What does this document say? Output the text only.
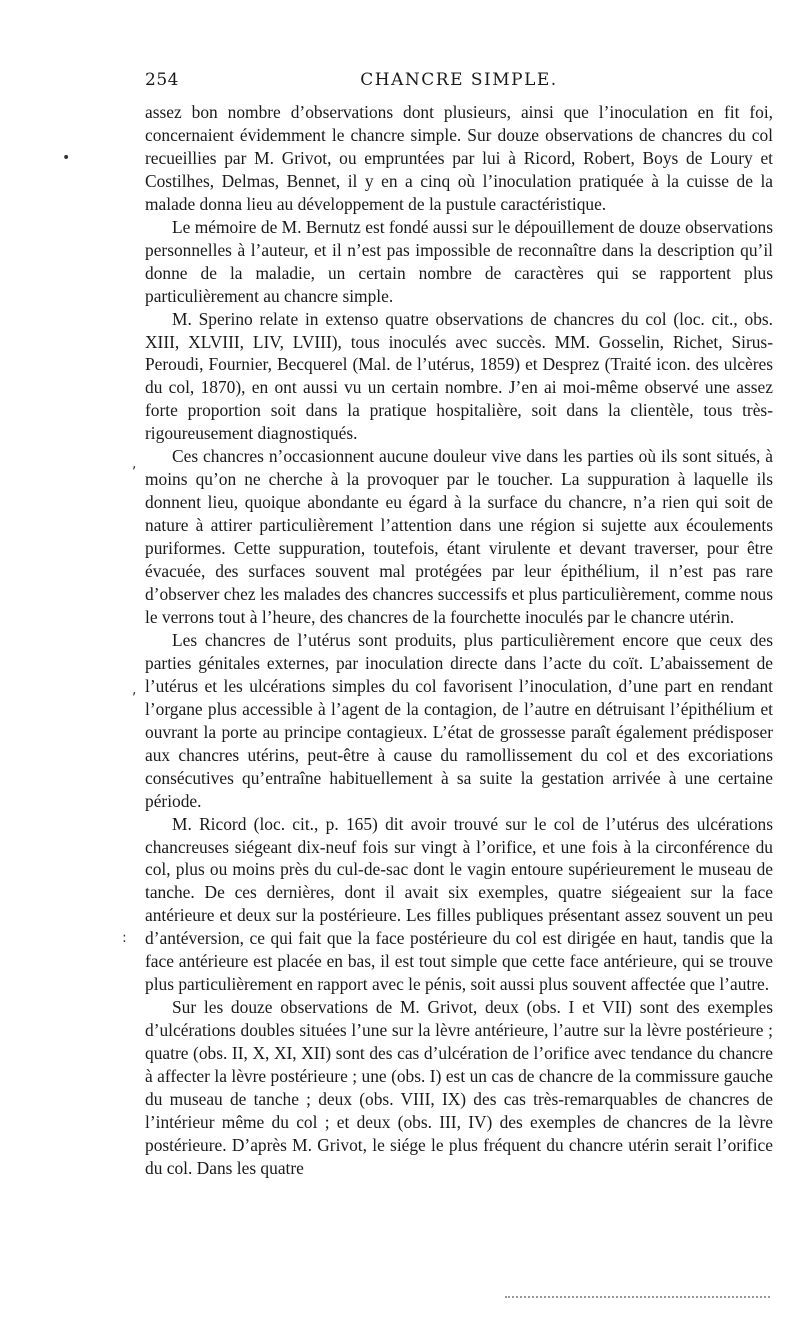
254	CHANCRE SIMPLE.
•
,
,
:

assez bon nombre d’observations dont plusieurs, ainsi que l’inoculation en fit foi, concernaient évidemment le chancre simple. Sur douze observations de chancres du col recueillies par M. Grivot, ou empruntées par lui à Ricord, Robert, Boys de Loury et Costilhes, Delmas, Bennet, il y en a cinq où l’inoculation pratiquée à la cuisse de la malade donna lieu au développement de la pustule caractéristique.

Le mémoire de M. Bernutz est fondé aussi sur le dépouillement de douze observations personnelles à l’auteur, et il n’est pas impossible de reconnaître dans la description qu’il donne de la maladie, un certain nombre de caractères qui se rapportent plus particulièrement au chancre simple.

M. Sperino relate in extenso quatre observations de chancres du col (loc. cit., obs. XIII, XLVIII, LIV, LVIII), tous inoculés avec succès. MM. Gosselin, Richet, Sirus-Peroudi, Fournier, Becquerel (Mal. de l’utérus, 1859) et Desprez (Traité icon. des ulcères du col, 1870), en ont aussi vu un certain nombre. J’en ai moi-même observé une assez forte proportion soit dans la pratique hospitalière, soit dans la clientèle, tous très-rigoureusement diagnostiqués.

Ces chancres n’occasionnent aucune douleur vive dans les parties où ils sont situés, à moins qu’on ne cherche à la provoquer par le toucher. La suppuration à laquelle ils donnent lieu, quoique abondante eu égard à la surface du chancre, n’a rien qui soit de nature à attirer particulièrement l’attention dans une région si sujette aux écoulements puriformes. Cette suppuration, toutefois, étant virulente et devant traverser, pour être évacuée, des surfaces souvent mal protégées par leur épithélium, il n’est pas rare d’observer chez les malades des chancres successifs et plus particulièrement, comme nous le verrons tout à l’heure, des chancres de la fourchette inoculés par le chancre utérin.

Les chancres de l’utérus sont produits, plus particulièrement encore que ceux des parties génitales externes, par inoculation directe dans l’acte du coït. L’abaissement de l’utérus et les ulcérations simples du col favorisent l’inoculation, d’une part en rendant l’organe plus accessible à l’agent de la contagion, de l’autre en détruisant l’épithélium et ouvrant la porte au principe contagieux. L’état de grossesse paraît également prédisposer aux chancres utérins, peut-être à cause du ramollissement du col et des excoriations consécutives qu’entraîne habituellement à sa suite la gestation arrivée à une certaine période.

M. Ricord (loc. cit., p. 165) dit avoir trouvé sur le col de l’utérus des ulcérations chancreuses siégeant dix-neuf fois sur vingt à l’orifice, et une fois à la circonférence du col, plus ou moins près du cul-de-sac dont le vagin entoure supérieurement le museau de tanche. De ces dernières, dont il avait six exemples, quatre siégeaient sur la face antérieure et deux sur la postérieure. Les filles publiques présentant assez souvent un peu d’antéversion, ce qui fait que la face postérieure du col est dirigée en haut, tandis que la face antérieure est placée en bas, il est tout simple que cette face antérieure, qui se trouve plus particulièrement en rapport avec le pénis, soit aussi plus souvent affectée que l’autre.

Sur les douze observations de M. Grivot, deux (obs. I et VII) sont des exemples d’ulcérations doubles situées l’une sur la lèvre antérieure, l’autre sur la lèvre postérieure ; quatre (obs. II, X, XI, XII) sont des cas d’ulcération de l’orifice avec tendance du chancre à affecter la lèvre postérieure ; une (obs. I) est un cas de chancre de la commissure gauche du museau de tanche ; deux (obs. VIII, IX) des cas très-remarquables de chancres de l’intérieur même du col ; et deux (obs. III, IV) des exemples de chancres de la lèvre postérieure. D’après M. Grivot, le siége le plus fréquent du chancre utérin serait l’orifice du col. Dans les quatre
